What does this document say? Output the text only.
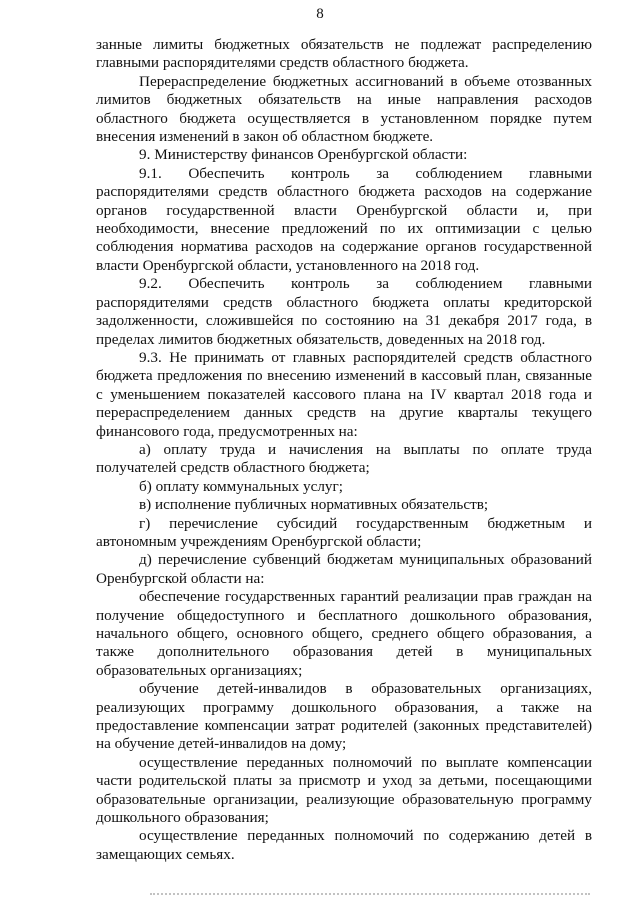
8

занные лимиты бюджетных обязательств не подлежат распределению главными распорядителями средств областного бюджета.

Перераспределение бюджетных ассигнований в объеме отозванных лимитов бюджетных обязательств на иные направления расходов областного бюджета осуществляется в установленном порядке путем внесения изменений в закон об областном бюджете.

9. Министерству финансов Оренбургской области:

9.1. Обеспечить контроль за соблюдением главными распорядителями средств областного бюджета расходов на содержание органов государственной власти Оренбургской области и, при необходимости, внесение предложений по их оптимизации с целью соблюдения норматива расходов на содержание органов государственной власти Оренбургской области, установленного на 2018 год.

9.2. Обеспечить контроль за соблюдением главными распорядителями средств областного бюджета оплаты кредиторской задолженности, сложившейся по состоянию на 31 декабря 2017 года, в пределах лимитов бюджетных обязательств, доведенных на 2018 год.

9.3. Не принимать от главных распорядителей средств областного бюджета предложения по внесению изменений в кассовый план, связанные с уменьшением показателей кассового плана на IV квартал 2018 года и перераспределением данных средств на другие кварталы текущего финансового года, предусмотренных на:

а) оплату труда и начисления на выплаты по оплате труда получателей средств областного бюджета;

б) оплату коммунальных услуг;

в) исполнение публичных нормативных обязательств;

г) перечисление субсидий государственным бюджетным и автономным учреждениям Оренбургской области;

д) перечисление субвенций бюджетам муниципальных образований Оренбургской области на:

обеспечение государственных гарантий реализации прав граждан на получение общедоступного и бесплатного дошкольного образования, начального общего, основного общего, среднего общего образования, а также дополнительного образования детей в муниципальных образовательных организациях;

обучение детей-инвалидов в образовательных организациях, реализующих программу дошкольного образования, а также на предоставление компенсации затрат родителей (законных представителей) на обучение детей-инвалидов на дому;

осуществление переданных полномочий по выплате компенсации части родительской платы за присмотр и уход за детьми, посещающими образовательные организации, реализующие образовательную программу дошкольного образования;

осуществление переданных полномочий по содержанию детей в замещающих семьях.
